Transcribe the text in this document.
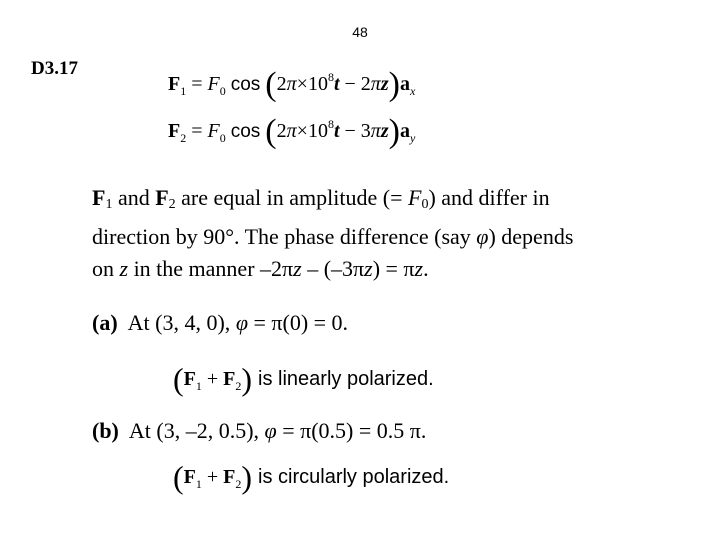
48
D3.17
$F_1 = F_0$ $\cos (2\pi\times 10^8t - 2\pi z)a_x$
$F_2 = F_0$ $\cos (2\pi\times 10^8t - 3\pi z)a_y$
$F_1$ and $F_2$ are equal in amplitude (= $F_0$) and differ in
direction by 90°. The phase difference (say φ) depends
on z in the manner –2πz – (–3πz) = πz.
(a) At (3, 4, 0), φ = π(0) = 0.
$(F_1 + F_2)$ is linearly polarized.
(b) At (3, –2, 0.5), φ = π(0.5) = 0.5 π.
$(F_1 + F_2)$ is circularly polarized.
